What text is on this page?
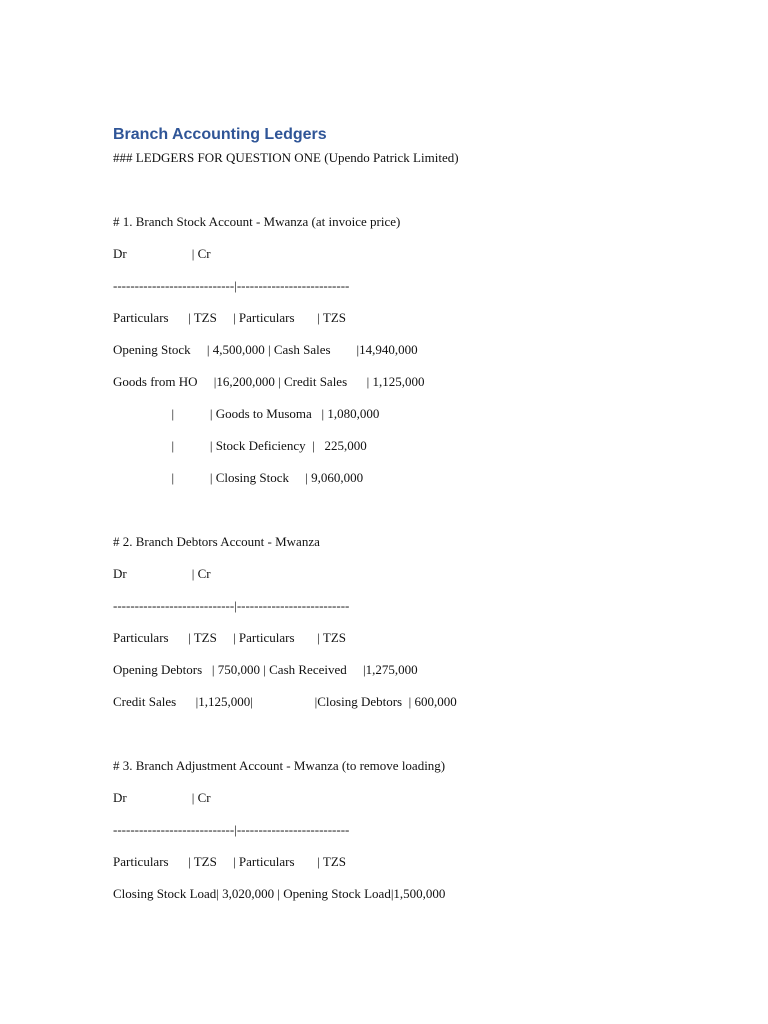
Branch Accounting Ledgers
### LEDGERS FOR QUESTION ONE (Upendo Patrick Limited)
# 1. Branch Stock Account - Mwanza (at invoice price)
Dr                    | Cr
----------------------------|--------------------------
Particulars      | TZS     | Particulars       | TZS
Opening Stock     | 4,500,000 | Cash Sales        |14,940,000
Goods from HO     |16,200,000 | Credit Sales      | 1,125,000
|           | Goods to Musoma   | 1,080,000
|           | Stock Deficiency  |   225,000
|           | Closing Stock     | 9,060,000
# 2. Branch Debtors Account - Mwanza
Dr                    | Cr
----------------------------|--------------------------
Particulars      | TZS     | Particulars       | TZS
Opening Debtors   | 750,000 | Cash Received     |1,275,000
Credit Sales      |1,125,000|                   |Closing Debtors  | 600,000
# 3. Branch Adjustment Account - Mwanza (to remove loading)
Dr                    | Cr
----------------------------|--------------------------
Particulars      | TZS     | Particulars       | TZS
Closing Stock Load| 3,020,000 | Opening Stock Load|1,500,000
